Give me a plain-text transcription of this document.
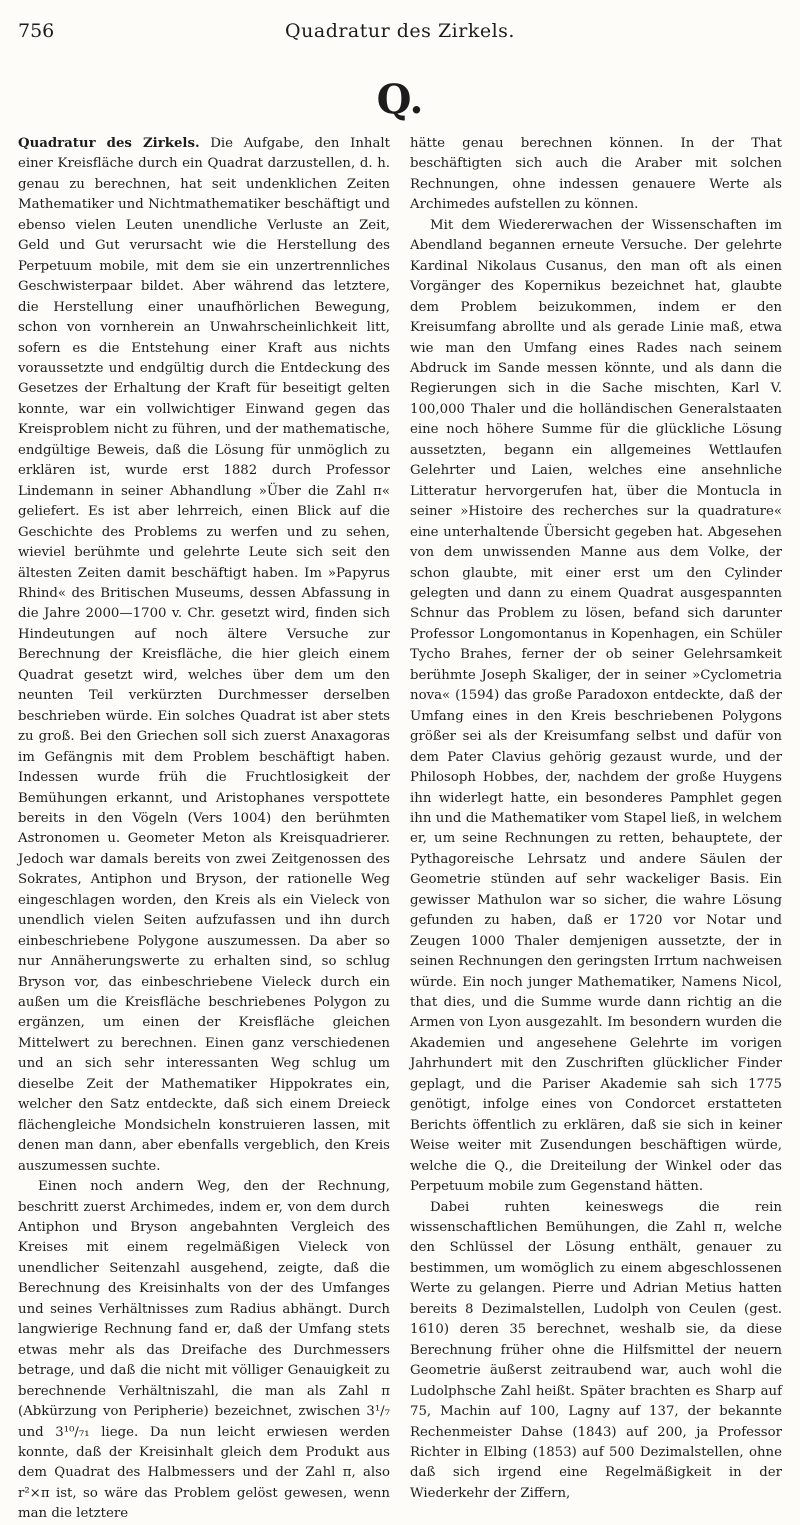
756	Quadratur des Zirkels.
Q.

Quadratur des Zirkels. Die Aufgabe, den Inhalt einer Kreisfläche durch ein Quadrat darzustellen, d. h. genau zu berechnen, hat seit undenklichen Zeiten Mathematiker und Nichtmathematiker beschäftigt und ebenso vielen Leuten unendliche Verluste an Zeit, Geld und Gut verursacht wie die Herstellung des Perpetuum mobile, mit dem sie ein unzertrennliches Geschwisterpaar bildet. Aber während das letztere, die Herstellung einer unaufhörlichen Bewegung, schon von vornherein an Unwahrscheinlichkeit litt, sofern es die Entstehung einer Kraft aus nichts voraussetzte und endgültig durch die Entdeckung des Gesetzes der Erhaltung der Kraft für beseitigt gelten konnte, war ein vollwichtiger Einwand gegen das Kreisproblem nicht zu führen, und der mathematische, endgültige Beweis, daß die Lösung für unmöglich zu erklären ist, wurde erst 1882 durch Professor Lindemann in seiner Abhandlung »Über die Zahl π« geliefert. Es ist aber lehrreich, einen Blick auf die Geschichte des Problems zu werfen und zu sehen, wieviel berühmte und gelehrte Leute sich seit den ältesten Zeiten damit beschäftigt haben. Im »Papyrus Rhind« des Britischen Museums, dessen Abfassung in die Jahre 2000—1700 v. Chr. gesetzt wird, finden sich Hindeutungen auf noch ältere Versuche zur Berechnung der Kreisfläche, die hier gleich einem Quadrat gesetzt wird, welches über dem um den neunten Teil verkürzten Durchmesser derselben beschrieben würde. Ein solches Quadrat ist aber stets zu groß. Bei den Griechen soll sich zuerst Anaxagoras im Gefängnis mit dem Problem beschäftigt haben. Indessen wurde früh die Fruchtlosigkeit der Bemühungen erkannt, und Aristophanes verspottete bereits in den Vögeln (Vers 1004) den berühmten Astronomen u. Geometer Meton als Kreisquadrierer. Jedoch war damals bereits von zwei Zeitgenossen des Sokrates, Antiphon und Bryson, der rationelle Weg eingeschlagen worden, den Kreis als ein Vieleck von unendlich vielen Seiten aufzufassen und ihn durch einbeschriebene Polygone auszumessen. Da aber so nur Annäherungswerte zu erhalten sind, so schlug Bryson vor, das einbeschriebene Vieleck durch ein außen um die Kreisfläche beschriebenes Polygon zu ergänzen, um einen der Kreisfläche gleichen Mittelwert zu berechnen. Einen ganz verschiedenen und an sich sehr interessanten Weg schlug um dieselbe Zeit der Mathematiker Hippokrates ein, welcher den Satz entdeckte, daß sich einem Dreieck flächengleiche Mondsicheln konstruieren lassen, mit denen man dann, aber ebenfalls vergeblich, den Kreis auszumessen suchte.

Einen noch andern Weg, den der Rechnung, beschritt zuerst Archimedes, indem er, von dem durch Antiphon und Bryson angebahnten Vergleich des Kreises mit einem regelmäßigen Vieleck von unendlicher Seitenzahl ausgehend, zeigte, daß die Berechnung des Kreisinhalts von der des Umfanges und seines Verhältnisses zum Radius abhängt. Durch langwierige Rechnung fand er, daß der Umfang stets etwas mehr als das Dreifache des Durchmessers betrage, und daß die nicht mit völliger Genauigkeit zu berechnende Verhältniszahl, die man als Zahl π (Abkürzung von Peripherie) bezeichnet, zwischen 3¹/₇ und 3¹⁰/₇₁ liege. Da nun leicht erwiesen werden konnte, daß der Kreisinhalt gleich dem Produkt aus dem Quadrat des Halbmessers und der Zahl π, also r²×π ist, so wäre das Problem gelöst gewesen, wenn man die letztere

hätte genau berechnen können. In der That beschäftigten sich auch die Araber mit solchen Rechnungen, ohne indessen genauere Werte als Archimedes aufstellen zu können.

Mit dem Wiedererwachen der Wissenschaften im Abendland begannen erneute Versuche. Der gelehrte Kardinal Nikolaus Cusanus, den man oft als einen Vorgänger des Kopernikus bezeichnet hat, glaubte dem Problem beizukommen, indem er den Kreisumfang abrollte und als gerade Linie maß, etwa wie man den Umfang eines Rades nach seinem Abdruck im Sande messen könnte, und als dann die Regierungen sich in die Sache mischten, Karl V. 100,000 Thaler und die holländischen Generalstaaten eine noch höhere Summe für die glückliche Lösung aussetzten, begann ein allgemeines Wettlaufen Gelehrter und Laien, welches eine ansehnliche Litteratur hervorgerufen hat, über die Montucla in seiner »Histoire des recherches sur la quadrature« eine unterhaltende Übersicht gegeben hat. Abgesehen von dem unwissenden Manne aus dem Volke, der schon glaubte, mit einer erst um den Cylinder gelegten und dann zu einem Quadrat ausgespannten Schnur das Problem zu lösen, befand sich darunter Professor Longomontanus in Kopenhagen, ein Schüler Tycho Brahes, ferner der ob seiner Gelehrsamkeit berühmte Joseph Skaliger, der in seiner »Cyclometria nova« (1594) das große Paradoxon entdeckte, daß der Umfang eines in den Kreis beschriebenen Polygons größer sei als der Kreisumfang selbst und dafür von dem Pater Clavius gehörig gezaust wurde, und der Philosoph Hobbes, der, nachdem der große Huygens ihn widerlegt hatte, ein besonderes Pamphlet gegen ihn und die Mathematiker vom Stapel ließ, in welchem er, um seine Rechnungen zu retten, behauptete, der Pythagoreische Lehrsatz und andere Säulen der Geometrie stünden auf sehr wackeliger Basis. Ein gewisser Mathulon war so sicher, die wahre Lösung gefunden zu haben, daß er 1720 vor Notar und Zeugen 1000 Thaler demjenigen aussetzte, der in seinen Rechnungen den geringsten Irrtum nachweisen würde. Ein noch junger Mathematiker, Namens Nicol, that dies, und die Summe wurde dann richtig an die Armen von Lyon ausgezahlt. Im besondern wurden die Akademien und angesehene Gelehrte im vorigen Jahrhundert mit den Zuschriften glücklicher Finder geplagt, und die Pariser Akademie sah sich 1775 genötigt, infolge eines von Condorcet erstatteten Berichts öffentlich zu erklären, daß sie sich in keiner Weise weiter mit Zusendungen beschäftigen würde, welche die Q., die Dreiteilung der Winkel oder das Perpetuum mobile zum Gegenstand hätten.

Dabei ruhten keineswegs die rein wissenschaftlichen Bemühungen, die Zahl π, welche den Schlüssel der Lösung enthält, genauer zu bestimmen, um womöglich zu einem abgeschlossenen Werte zu gelangen. Pierre und Adrian Metius hatten bereits 8 Dezimalstellen, Ludolph von Ceulen (gest. 1610) deren 35 berechnet, weshalb sie, da diese Berechnung früher ohne die Hilfsmittel der neuern Geometrie äußerst zeitraubend war, auch wohl die Ludolphsche Zahl heißt. Später brachten es Sharp auf 75, Machin auf 100, Lagny auf 137, der bekannte Rechenmeister Dahse (1843) auf 200, ja Professor Richter in Elbing (1853) auf 500 Dezimalstellen, ohne daß sich irgend eine Regelmäßigkeit in der Wiederkehr der Ziffern,
